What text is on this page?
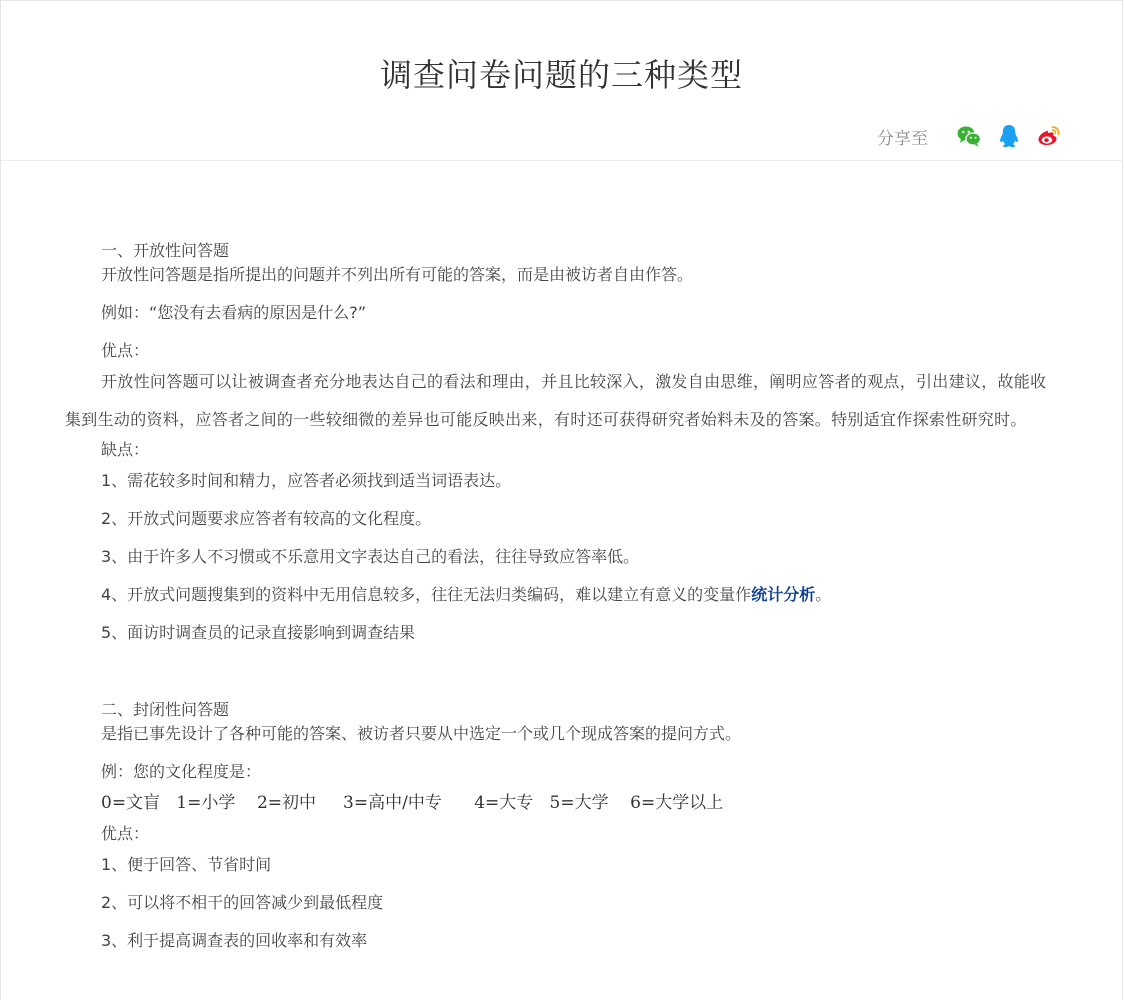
调查问卷问题的三种类型
分享至

一、开放性问答题

开放性问答题是指所提出的问题并不列出所有可能的答案，而是由被访者自由作答。

例如：“您没有去看病的原因是什么?”

优点：

开放性问答题可以让被调查者充分地表达自己的看法和理由，并且比较深入，激发自由思维，阐明应答者的观点，引出建议，故能收集到生动的资料，应答者之间的一些较细微的差异也可能反映出来，有时还可获得研究者始料未及的答案。特别适宜作探索性研究时。

缺点：

1、需花较多时间和精力，应答者必须找到适当词语表达。

2、开放式问题要求应答者有较高的文化程度。

3、由于许多人不习惯或不乐意用文字表达自己的看法，往往导致应答率低。

4、开放式问题搜集到的资料中无用信息较多，往往无法归类编码，难以建立有意义的变量作统计分析。

5、面访时调查员的记录直接影响到调查结果

二、封闭性问答题

是指已事先设计了各种可能的答案、被访者只要从中选定一个或几个现成答案的提问方式。

例：您的文化程度是：

0=文盲   1=小学    2=初中     3=高中/中专      4=大专   5=大学    6=大学以上

优点：

1、便于回答、节省时间

2、可以将不相干的回答减少到最低程度

3、利于提高调查表的回收率和有效率
